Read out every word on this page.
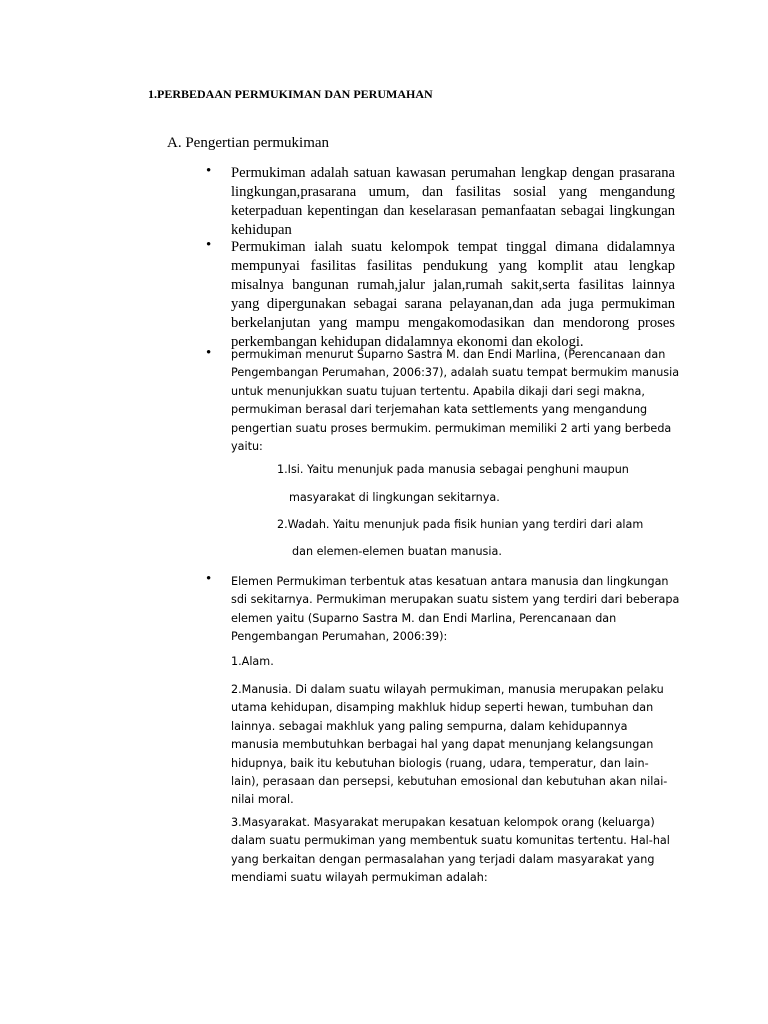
1.PERBEDAAN PERMUKIMAN DAN PERUMAHAN
A. Pengertian permukiman
• Permukiman adalah satuan kawasan perumahan lengkap dengan prasarana lingkungan,prasarana umum, dan fasilitas sosial yang mengandung keterpaduan kepentingan dan keselarasan pemanfaatan sebagai lingkungan kehidupan
• Permukiman ialah suatu kelompok tempat tinggal dimana didalamnya mempunyai fasilitas fasilitas pendukung yang komplit atau lengkap misalnya bangunan rumah,jalur jalan,rumah sakit,serta fasilitas lainnya yang dipergunakan sebagai sarana pelayanan,dan ada juga permukiman berkelanjutan yang mampu mengakomodasikan dan mendorong proses perkembangan kehidupan didalamnya ekonomi dan ekologi.
• permukiman menurut Suparno Sastra M. dan Endi Marlina, (Perencanaan dan Pengembangan Perumahan, 2006:37), adalah suatu tempat bermukim manusia untuk menunjukkan suatu tujuan tertentu. Apabila dikaji dari segi makna, permukiman berasal dari terjemahan kata settlements yang mengandung pengertian suatu proses bermukim. permukiman memiliki 2 arti yang berbeda yaitu:
1.Isi. Yaitu menunjuk pada manusia sebagai penghuni maupun
masyarakat di lingkungan sekitarnya.
2.Wadah. Yaitu menunjuk pada fisik hunian yang terdiri dari alam
dan elemen-elemen buatan manusia.
• Elemen Permukiman terbentuk atas kesatuan antara manusia dan lingkungan sdi sekitarnya. Permukiman merupakan suatu sistem yang terdiri dari beberapa elemen yaitu (Suparno Sastra M. dan Endi Marlina, Perencanaan dan Pengembangan Perumahan, 2006:39):
1.Alam.
2.Manusia. Di dalam suatu wilayah permukiman, manusia merupakan pelaku utama kehidupan, disamping makhluk hidup seperti hewan, tumbuhan dan lainnya. sebagai makhluk yang paling sempurna, dalam kehidupannya manusia membutuhkan berbagai hal yang dapat menunjang kelangsungan hidupnya, baik itu kebutuhan biologis (ruang, udara, temperatur, dan lain-lain), perasaan dan persepsi, kebutuhan emosional dan kebutuhan akan nilai-nilai moral.
3.Masyarakat. Masyarakat merupakan kesatuan kelompok orang (keluarga) dalam suatu permukiman yang membentuk suatu komunitas tertentu. Hal-hal yang berkaitan dengan permasalahan yang terjadi dalam masyarakat yang mendiami suatu wilayah permukiman adalah:
